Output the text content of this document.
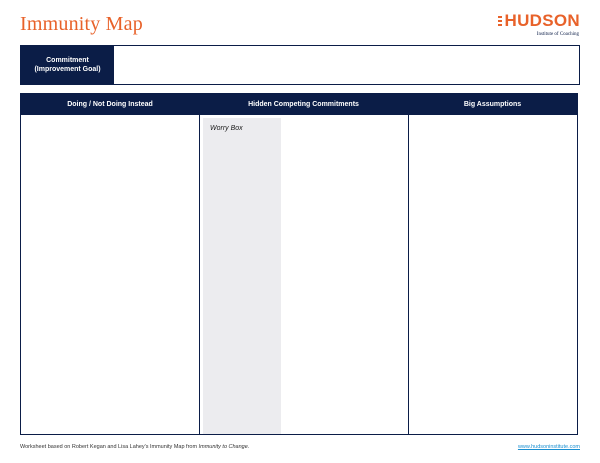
Immunity Map	HUDSON
Institute of Coaching
Commitment
(Improvement Goal)
Doing / Not Doing Instead	Hidden Competing Commitments	Big Assumptions
Worry Box
Worksheet based on Robert Kegan and Lisa Lahey's Immunity Map from Immunity to Change.	www.hudsoninstitute.com
